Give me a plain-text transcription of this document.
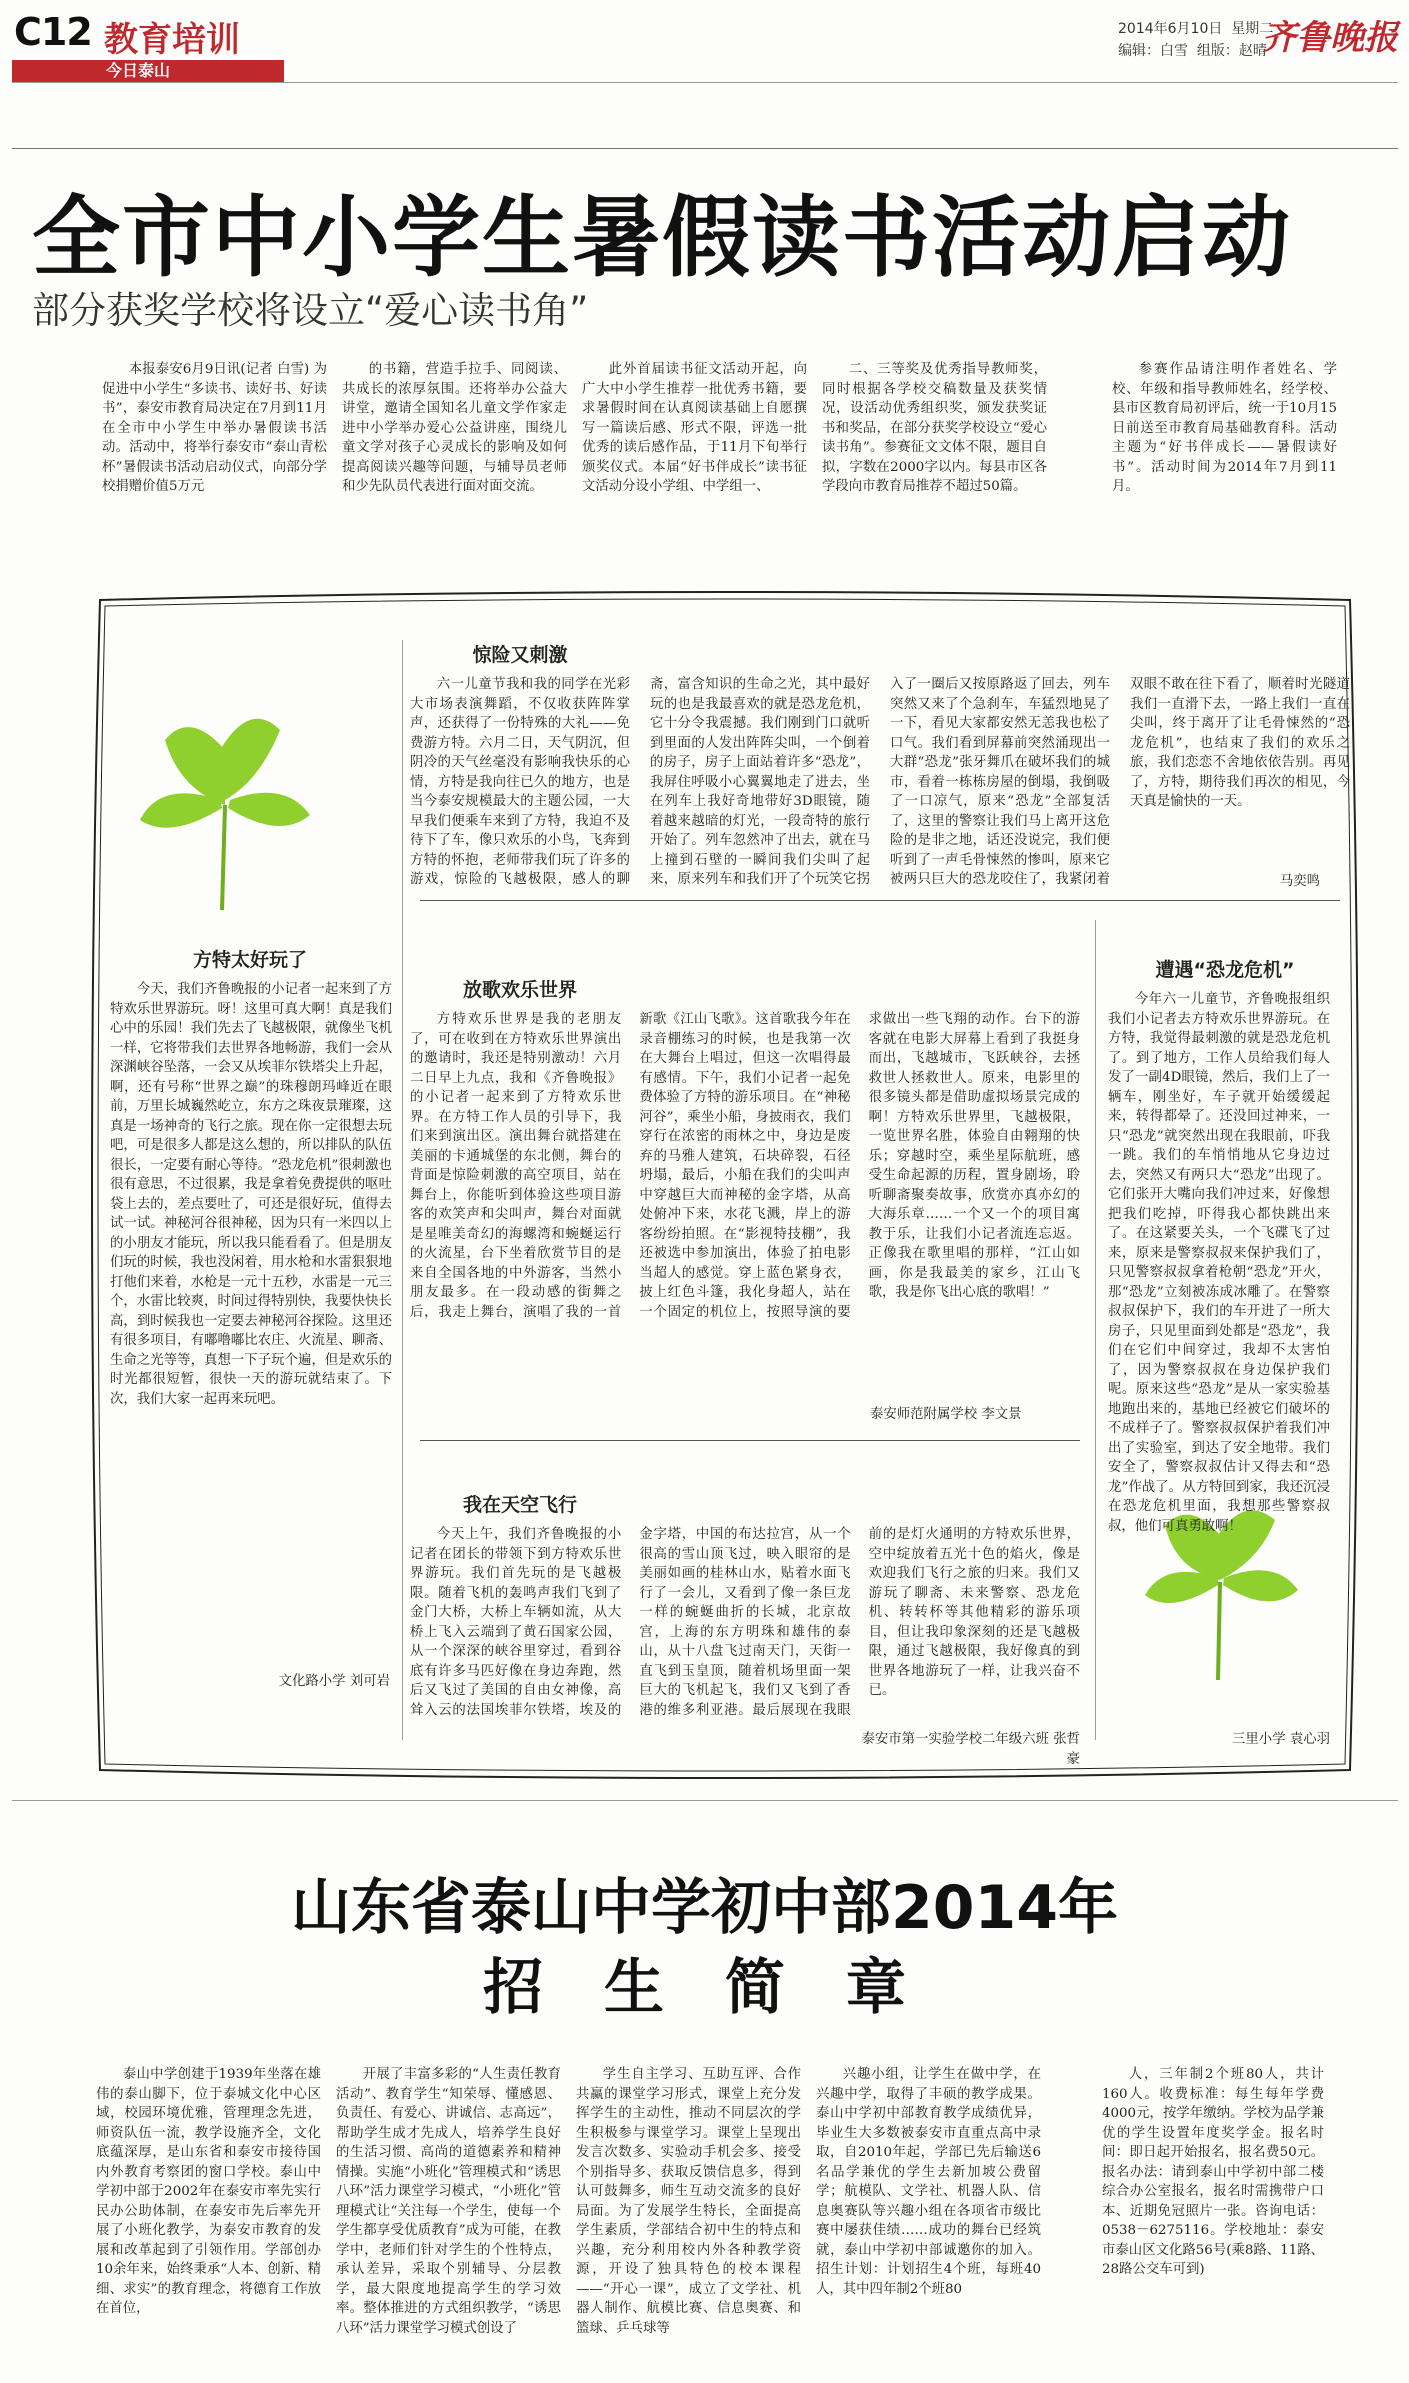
C12 教育培训
今日泰山
2014年6月10日 星期二
编辑：白雪 组版：赵晴
齐鲁晚报
全市中小学生暑假读书活动启动
部分获奖学校将设立“爱心读书角”

本报泰安6月9日讯(记者 白雪) 为促进中小学生“多读书、读好书、好读书”，泰安市教育局决定在7月到11月在全市中小学生中举办暑假读书活动。活动中，将举行泰安市“泰山青松杯”暑假读书活动启动仪式，向部分学校捐赠价值5万元

的书籍，营造手拉手、同阅读、共成长的浓厚氛围。还将举办公益大讲堂，邀请全国知名儿童文学作家走进中小学举办爱心公益讲座，围绕儿童文学对孩子心灵成长的影响及如何提高阅读兴趣等问题，与辅导员老师和少先队员代表进行面对面交流。

此外首届读书征文活动开起，向广大中小学生推荐一批优秀书籍，要求暑假时间在认真阅读基础上自愿撰写一篇读后感、形式不限，评选一批优秀的读后感作品，于11月下旬举行颁奖仪式。本届“好书伴成长”读书征文活动分设小学组、中学组一、

二、三等奖及优秀指导教师奖，同时根据各学校交稿数量及获奖情况，设活动优秀组织奖，颁发获奖证书和奖品，在部分获奖学校设立“爱心读书角”。参赛征文文体不限，题目自拟，字数在2000字以内。每县市区各学段向市教育局推荐不超过50篇。

参赛作品请注明作者姓名、学校、年级和指导教师姓名，经学校、县市区教育局初评后，统一于10月15日前送至市教育局基础教育科。活动主题为“好书伴成长——暑假读好书”。活动时间为2014年7月到11月。

方特太好玩了

今天，我们齐鲁晚报的小记者一起来到了方特欢乐世界游玩。呀！这里可真大啊！真是我们心中的乐园！我们先去了飞越极限，就像坐飞机一样，它将带我们去世界各地畅游，我们一会从深渊峡谷坠落，一会又从埃菲尔铁塔尖上升起，啊，还有号称“世界之巅”的珠穆朗玛峰近在眼前，万里长城巍然屹立，东方之珠夜景璀璨，这真是一场神奇的飞行之旅。现在你一定很想去玩吧，可是很多人都是这么想的，所以排队的队伍很长，一定要有耐心等待。“恐龙危机”很刺激也很有意思，不过很累，我是拿着免费提供的呕吐袋上去的，差点要吐了，可还是很好玩，值得去试一试。神秘河谷很神秘，因为只有一米四以上的小朋友才能玩，所以我只能看看了。但是朋友们玩的时候，我也没闲着，用水枪和水雷狠狠地打他们来着，水枪是一元十五秒，水雷是一元三个，水雷比较爽，时间过得特别快，我要快快长高，到时候我也一定要去神秘河谷探险。这里还有很多项目，有嘟噜嘟比农庄、火流星、聊斋、生命之光等等，真想一下子玩个遍，但是欢乐的时光都很短暂，很快一天的游玩就结束了。下次，我们大家一起再来玩吧。

文化路小学 刘可岩
惊险又刺激

六一儿童节我和我的同学在光彩大市场表演舞蹈，不仅收获阵阵掌声，还获得了一份特殊的大礼——免费游方特。六月二日，天气阴沉，但阴冷的天气丝毫没有影响我快乐的心情，方特是我向往已久的地方，也是当今泰安规模最大的主题公园，一大早我们便乘车来到了方特，我迫不及待下了车，像只欢乐的小鸟，飞奔到方特的怀抱，老师带我们玩了许多的游戏，惊险的飞越极限，感人的聊斋，富含知识的生命之光，其中最好玩的也是我最喜欢的就是恐龙危机，它十分令我震撼。我们刚到门口就听到里面的人发出阵阵尖叫，一个倒着的房子，房子上面站着许多“恐龙”，我屏住呼吸小心翼翼地走了进去，坐在列车上我好奇地带好3D眼镜，随着越来越暗的灯光，一段奇特的旅行开始了。列车忽然冲了出去，就在马上撞到石壁的一瞬间我们尖叫了起来，原来列车和我们开了个玩笑它拐入了一圈后又按原路返了回去，列车突然又来了个急刹车，车猛烈地晃了一下，看见大家都安然无恙我也松了口气。我们看到屏幕前突然涌现出一大群“恐龙”张牙舞爪在破坏我们的城市，看着一栋栋房屋的倒塌，我倒吸了一口凉气，原来“恐龙”全部复活了，这里的警察让我们马上离开这危险的是非之地，话还没说完，我们便听到了一声毛骨悚然的惨叫，原来它被两只巨大的恐龙咬住了，我紧闭着双眼不敢在往下看了，顺着时光隧道我们一直滑下去，一路上我们一直在尖叫，终于离开了让毛骨悚然的“恐龙危机”，也结束了我们的欢乐之旅，我们恋恋不舍地依依告别。再见了，方特，期待我们再次的相见，今天真是愉快的一天。

马奕鸣
放歌欢乐世界

方特欢乐世界是我的老朋友了，可在收到在方特欢乐世界演出的邀请时，我还是特别激动！六月二日早上九点，我和《齐鲁晚报》的小记者一起来到了方特欢乐世界。在方特工作人员的引导下，我们来到演出区。演出舞台就搭建在美丽的卡通城堡的东北侧，舞台的背面是惊险刺激的高空项目，站在舞台上，你能听到体验这些项目游客的欢笑声和尖叫声，舞台对面就是星唯美奇幻的海螺湾和蜿蜒运行的火流星，台下坐着欣赏节目的是来自全国各地的中外游客，当然小朋友最多。在一段动感的街舞之后，我走上舞台，演唱了我的一首新歌《江山飞歌》。这首歌我今年在录音棚练习的时候，也是我第一次在大舞台上唱过，但这一次唱得最有感情。下午，我们小记者一起免费体验了方特的游乐项目。在“神秘河谷”，乘坐小船，身披雨衣，我们穿行在浓密的雨林之中，身边是废弃的马雅人建筑，石块碎裂，石径坍塌，最后，小船在我们的尖叫声中穿越巨大而神秘的金字塔，从高处俯冲下来，水花飞溅，岸上的游客纷纷拍照。在“影视特技棚”，我还被选中参加演出，体验了拍电影当超人的感觉。穿上蓝色紧身衣，披上红色斗篷，我化身超人，站在一个固定的机位上，按照导演的要求做出一些飞翔的动作。台下的游客就在电影大屏幕上看到了我挺身而出，飞越城市，飞跃峡谷，去拯救世人拯救世人。原来，电影里的很多镜头都是借助虚拟场景完成的啊！方特欢乐世界里，飞越极限，一览世界名胜，体验自由翱翔的快乐；穿越时空，乘坐星际航班，感受生命起源的历程，置身剧场，聆听聊斋聚奏故事，欣赏亦真亦幻的大海乐章……一个又一个的项目寓教于乐，让我们小记者流连忘返。正像我在歌里唱的那样，“江山如画，你是我最美的家乡，江山飞歌，我是你飞出心底的歌唱！”

泰安师范附属学校 李文景
我在天空飞行

今天上午，我们齐鲁晚报的小记者在团长的带领下到方特欢乐世界游玩。我们首先玩的是飞越极限。随着飞机的轰鸣声我们飞到了金门大桥，大桥上车辆如流，从大桥上飞入云端到了黄石国家公园，从一个深深的峡谷里穿过，看到谷底有许多马匹好像在身边奔跑，然后又飞过了美国的自由女神像，高耸入云的法国埃菲尔铁塔，埃及的金字塔，中国的布达拉宫，从一个很高的雪山顶飞过，映入眼帘的是美丽如画的桂林山水，贴着水面飞行了一会儿，又看到了像一条巨龙一样的蜿蜒曲折的长城，北京故宫，上海的东方明珠和雄伟的泰山，从十八盘飞过南天门，天街一直飞到玉皇顶，随着机场里面一架巨大的飞机起飞，我们又飞到了香港的维多利亚港。最后展现在我眼前的是灯火通明的方特欢乐世界，空中绽放着五光十色的焰火，像是欢迎我们飞行之旅的归来。我们又游玩了聊斋、未来警察、恐龙危机、转转杯等其他精彩的游乐项目，但让我印象深刻的还是飞越极限，通过飞越极限，我好像真的到世界各地游玩了一样，让我兴奋不已。

泰安市第一实验学校二年级六班 张哲豪
遭遇“恐龙危机”

今年六一儿童节，齐鲁晚报组织我们小记者去方特欢乐世界游玩。在方特，我觉得最刺激的就是恐龙危机了。到了地方，工作人员给我们每人发了一副4D眼镜，然后，我们上了一辆车，刚坐好，车子就开始缓缓起来，转得都晕了。还没回过神来，一只“恐龙”就突然出现在我眼前，吓我一跳。我们的车悄悄地从它身边过去，突然又有两只大“恐龙”出现了。它们张开大嘴向我们冲过来，好像想把我们吃掉，吓得我心都快跳出来了。在这紧要关头，一个飞碟飞了过来，原来是警察叔叔来保护我们了，只见警察叔叔拿着枪朝“恐龙”开火，那“恐龙”立刻被冻成冰雕了。在警察叔叔保护下，我们的车开进了一所大房子，只见里面到处都是“恐龙”，我们在它们中间穿过，我却不太害怕了，因为警察叔叔在身边保护我们呢。原来这些“恐龙”是从一家实验基地跑出来的，基地已经被它们破坏的不成样子了。警察叔叔保护着我们冲出了实验室，到达了安全地带。我们安全了，警察叔叔估计又得去和“恐龙”作战了。从方特回到家，我还沉浸在恐龙危机里面，我想那些警察叔叔，他们可真勇敢啊！

三里小学 袁心羽
山东省泰山中学初中部2014年
招 生 简 章

泰山中学创建于1939年坐落在雄伟的泰山脚下，位于泰城文化中心区域，校园环境优雅，管理理念先进，师资队伍一流，教学设施齐全，文化底蕴深厚，是山东省和泰安市接待国内外教育考察团的窗口学校。泰山中学初中部于2002年在泰安市率先实行民办公助体制，在泰安市先后率先开展了小班化教学，为泰安市教育的发展和改革起到了引领作用。学部创办10余年来，始终秉承“人本、创新、精细、求实”的教育理念，将德育工作放在首位，

开展了丰富多彩的“人生责任教育活动”、教育学生“知荣辱、懂感恩、负责任、有爱心、讲诚信、志高远”，帮助学生成才先成人，培养学生良好的生活习惯、高尚的道德素养和精神情操。实施“小班化”管理模式和“诱思八环”活力课堂学习模式，“小班化”管理模式让“关注每一个学生，使每一个学生都享受优质教育”成为可能，在教学中，老师们针对学生的个性特点，承认差异，采取个别辅导、分层教学，最大限度地提高学生的学习效率。整体推进的方式组织教学，“诱思八环”活力课堂学习模式创设了

学生自主学习、互助互评、合作共赢的课堂学习形式，课堂上充分发挥学生的主动性，推动不同层次的学生积极参与课堂学习。课堂上呈现出发言次数多、实验动手机会多、接受个别指导多、获取反馈信息多，得到认可鼓舞多，师生互动交流多的良好局面。为了发展学生特长，全面提高学生素质，学部结合初中生的特点和兴趣，充分利用校内外各种教学资源，开设了独具特色的校本课程——“开心一课”，成立了文学社、机器人制作、航模比赛、信息奥赛、和篮球、乒乓球等

兴趣小组，让学生在做中学，在兴趣中学，取得了丰硕的教学成果。泰山中学初中部教育教学成绩优异，毕业生大多数被泰安市直重点高中录取，自2010年起，学部已先后输送6名品学兼优的学生去新加坡公费留学；航模队、文学社、机器人队、信息奥赛队等兴趣小组在各项省市级比赛中屡获佳绩……成功的舞台已经筑就，泰山中学初中部诚邀你的加入。招生计划：计划招生4个班，每班40人，其中四年制2个班80

人，三年制2个班80人，共计160人。收费标准：每生每年学费4000元，按学年缴纳。学校为品学兼优的学生设置年度奖学金。报名时间：即日起开始报名，报名费50元。报名办法：请到泰山中学初中部二楼综合办公室报名，报名时需携带户口本、近期免冠照片一张。咨询电话：0538－6275116。学校地址：泰安市泰山区文化路56号(乘8路、11路、28路公交车可到)
